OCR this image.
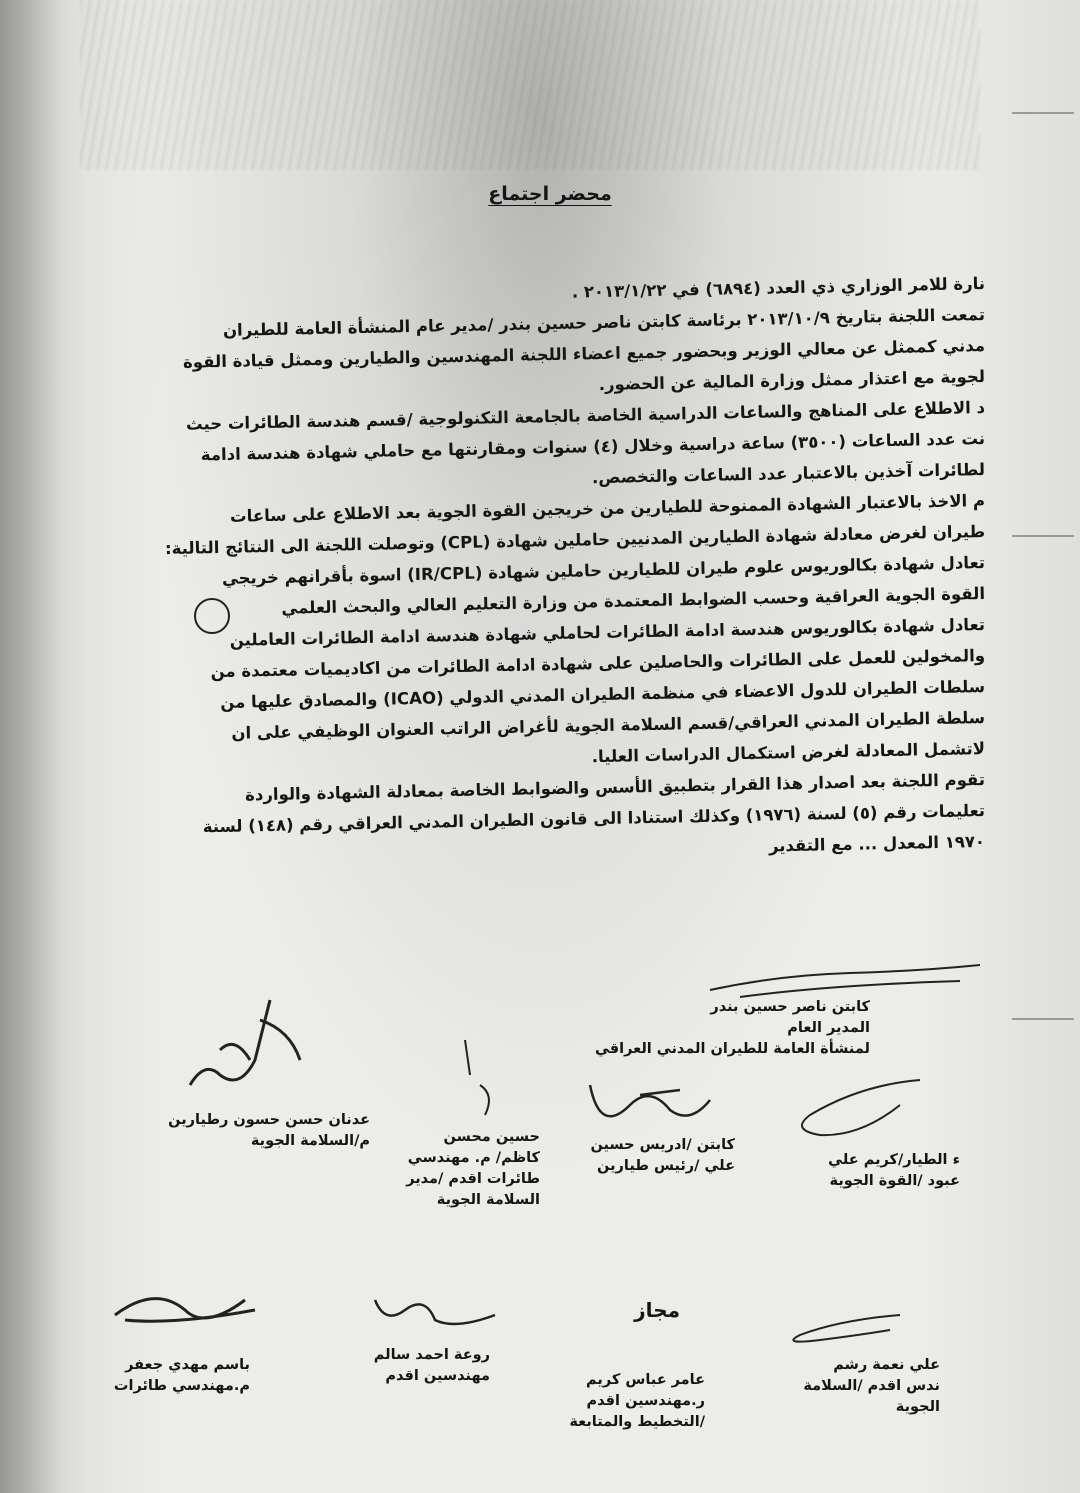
محضر اجتماع
نارة للامر الوزاري ذي العدد (٦٨٩٤) في ٢٠١٣/١/٢٢ .
تمعت اللجنة بتاريخ ٢٠١٣/١٠/٩ برئاسة كابتن ناصر حسين بندر /مدير عام المنشأة العامة للطيران
مدني كممثل عن معالي الوزير وبحضور جميع اعضاء اللجنة المهندسين والطيارين وممثل قيادة القوة
لجوية مع اعتذار ممثل وزارة المالية عن الحضور.
د الاطلاع على المناهج والساعات الدراسية الخاصة بالجامعة التكنولوجية /قسم هندسة الطائرات حيث
نت عدد الساعات (٣٥٠٠) ساعة دراسية وخلال (٤) سنوات ومقارنتها مع حاملي شهادة هندسة ادامة
لطائرات آخذين بالاعتبار عدد الساعات والتخصص.
م الاخذ بالاعتبار الشهادة الممنوحة للطيارين من خريجين القوة الجوية بعد الاطلاع على ساعات
طيران لغرض معادلة شهادة الطيارين المدنيين حاملين شهادة (CPL) وتوصلت اللجنة الى النتائج التالية:
تعادل شهادة بكالوريوس علوم طيران للطيارين حاملين شهادة (IR/CPL) اسوة بأقرانهم خريجي
القوة الجوية العراقية وحسب الضوابط المعتمدة من وزارة التعليم العالي والبحث العلمي
تعادل شهادة بكالوريوس هندسة ادامة الطائرات لحاملي شهادة هندسة ادامة الطائرات العاملين
والمخولين للعمل على الطائرات والحاصلين على شهادة ادامة الطائرات من اكاديميات معتمدة من
سلطات الطيران للدول الاعضاء في منظمة الطيران المدني الدولي (ICAO) والمصادق عليها من
سلطة الطيران المدني العراقي/قسم السلامة الجوية لأغراض الراتب العنوان الوظيفي على ان
لاتشمل المعادلة لغرض استكمال الدراسات العليا.
تقوم اللجنة بعد اصدار هذا القرار بتطبيق الأسس والضوابط الخاصة بمعادلة الشهادة والواردة
تعليمات رقم (٥) لسنة (١٩٧٦) وكذلك استنادا الى قانون الطيران المدني العراقي رقم (١٤٨) لسنة
١٩٧٠ المعدل ... مع التقدير
كابتن ناصر حسين بندر
المدير العام
لمنشأة العامة للطيران المدني العراقي
عدنان حسن حسون رطيارين
م/السلامة الجوية	حسين محسن
كاظم/ م. مهندسي
طائرات اقدم /مدير
السلامة الجوية
كابتن /ادريس حسين
علي /رئيس طيارين	ء الطيار/كريم علي
عبود /القوة الجوية
مجاز
باسم مهدي جعفر
م.مهندسي طائرات
روعة احمد سالم
مهندسين اقدم	عامر عباس كريم
ر.مهندسين اقدم
/التخطيط والمتابعة
علي نعمة رشم
ندس اقدم /السلامة
الجوية
